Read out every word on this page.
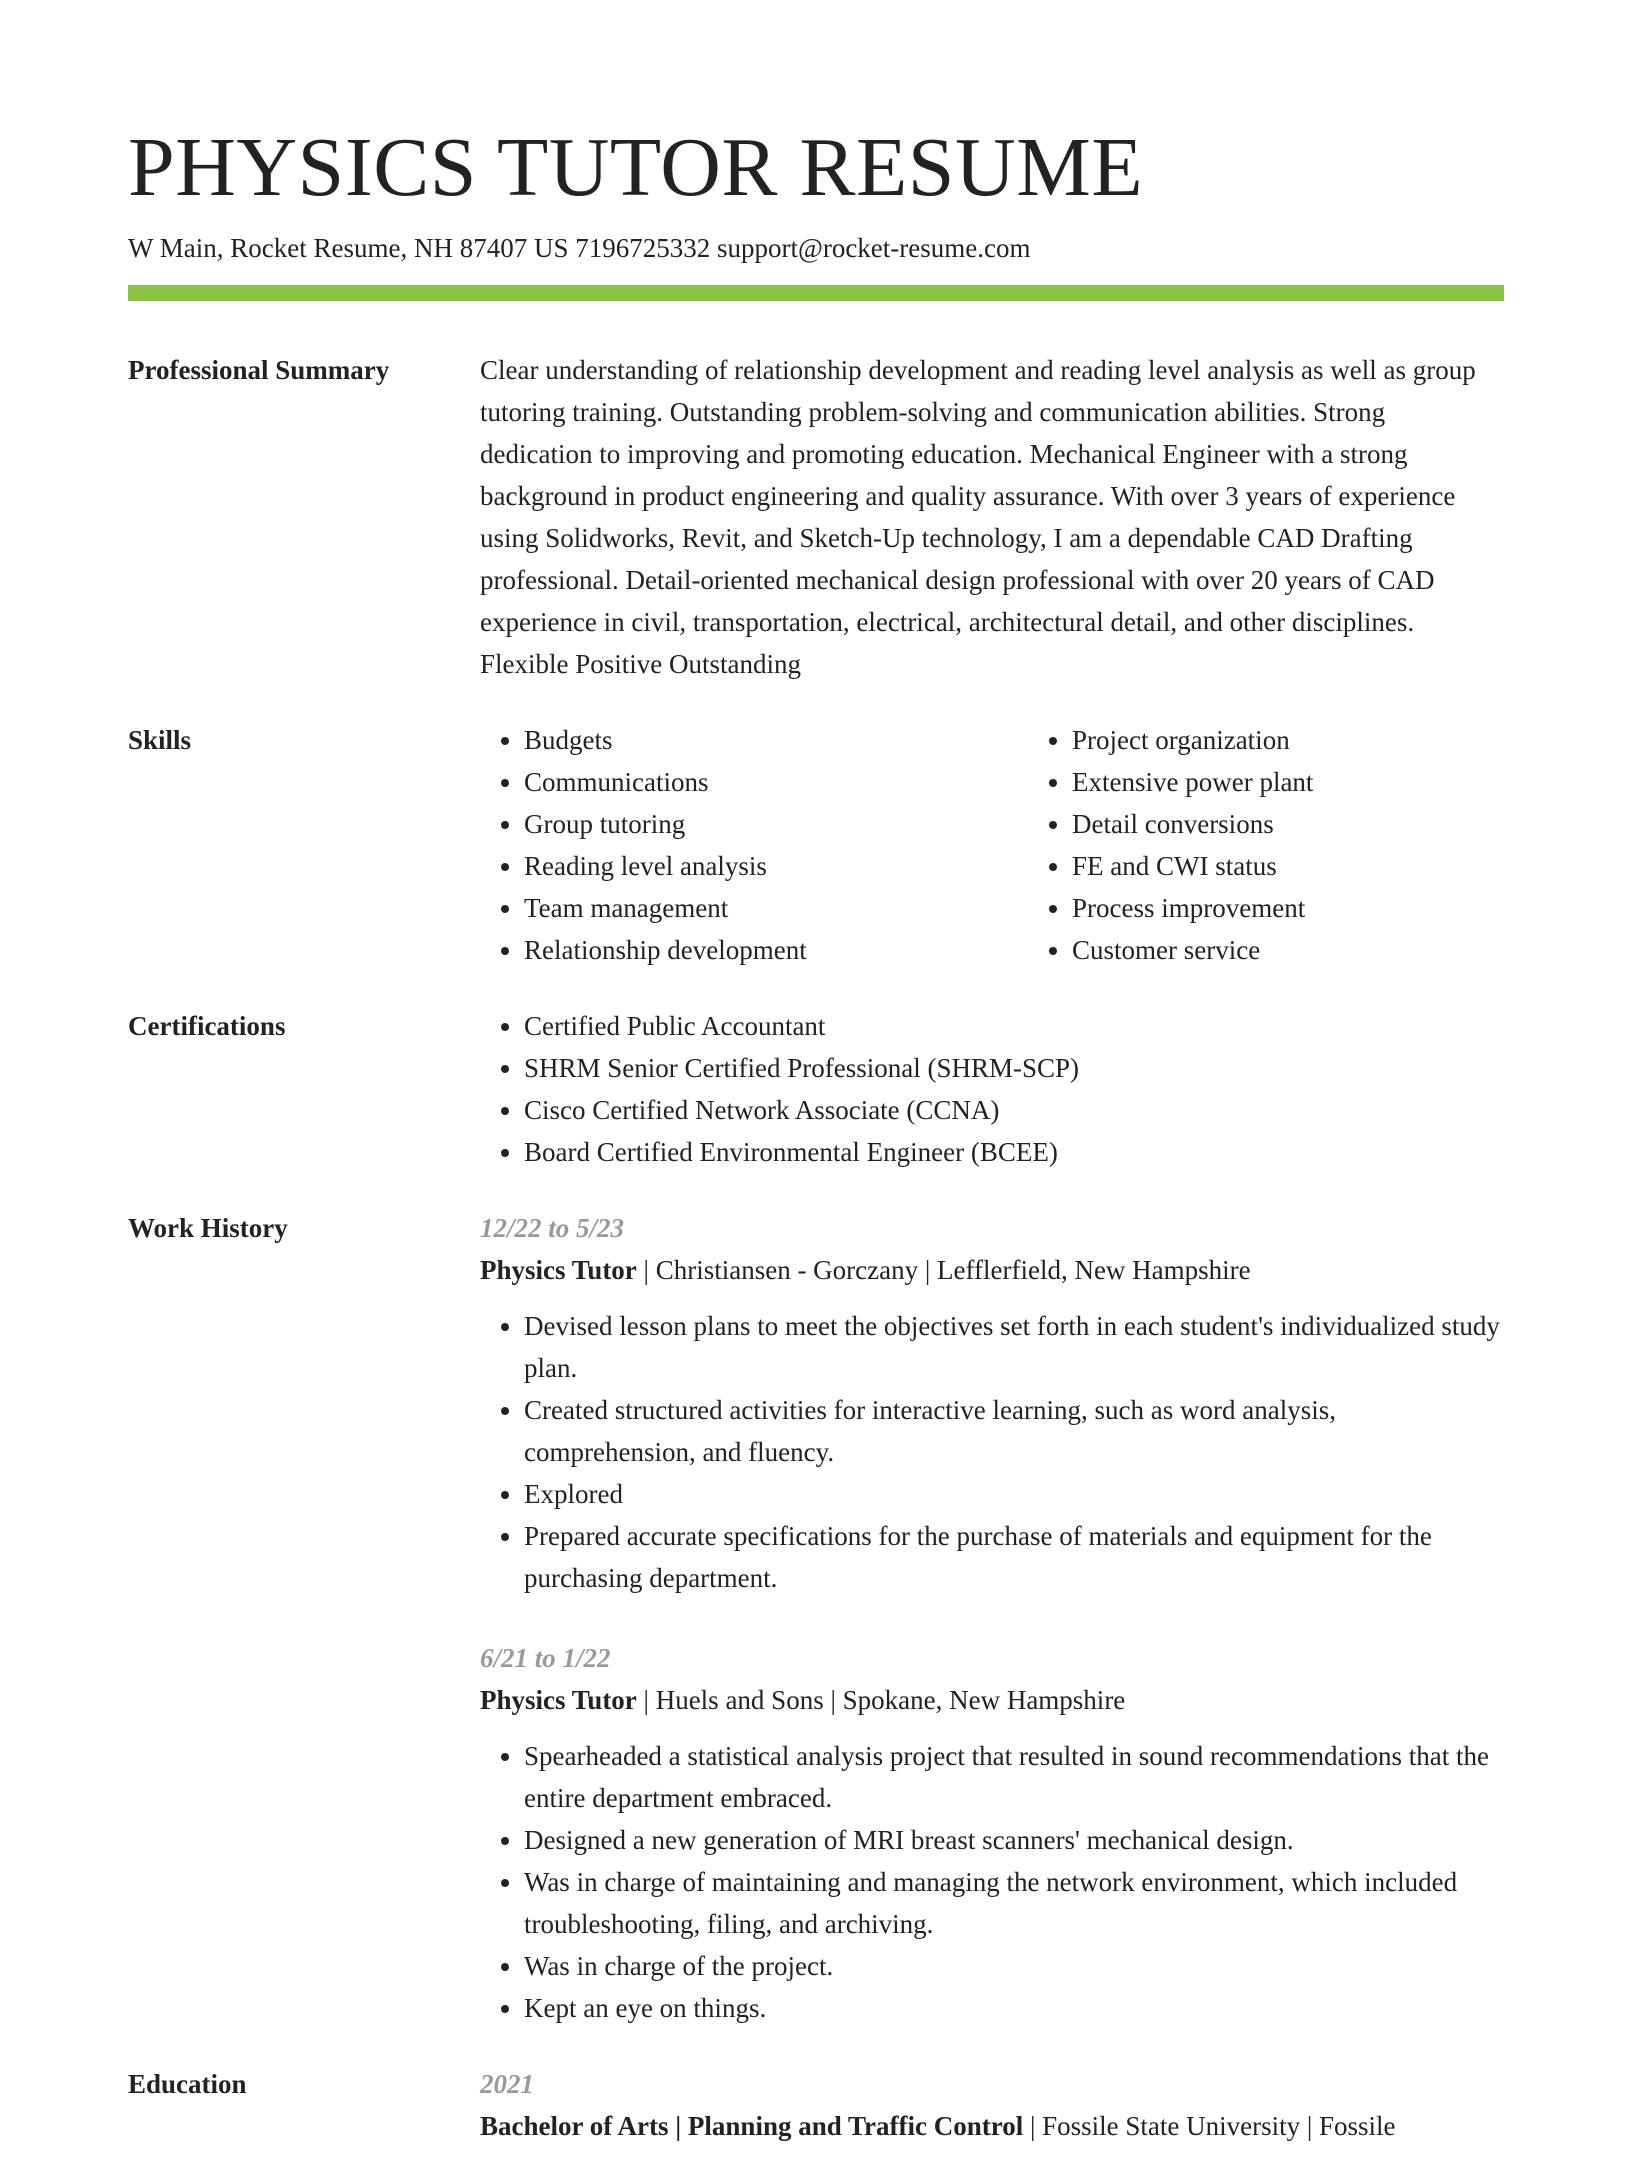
PHYSICS TUTOR RESUME
W Main, Rocket Resume, NH 87407 US 7196725332 support@rocket-resume.com
Professional Summary	Clear understanding of relationship development and reading level analysis as well as group tutoring training. Outstanding problem-solving and communication abilities. Strong dedication to improving and promoting education. Mechanical Engineer with a strong background in product engineering and quality assurance. With over 3 years of experience using Solidworks, Revit, and Sketch-Up technology, I am a dependable CAD Drafting professional. Detail-oriented mechanical design professional with over 20 years of CAD experience in civil, transportation, electrical, architectural detail, and other disciplines. Flexible Positive Outstanding

Skills	• Budgets
• Communications
• Group tutoring
• Reading level analysis
• Team management
• Relationship development
• Project organization
• Extensive power plant
• Detail conversions
• FE and CWI status
• Process improvement
• Customer service
Certifications	• Certified Public Accountant
• SHRM Senior Certified Professional (SHRM-SCP)
• Cisco Certified Network Associate (CCNA)
• Board Certified Environmental Engineer (BCEE)
Work History	12/22 to 5/23
Physics Tutor | Christiansen - Gorczany | Lefflerfield, New Hampshire
• Devised lesson plans to meet the objectives set forth in each student's individualized study plan.
• Created structured activities for interactive learning, such as word analysis, comprehension, and fluency.
• Explored
• Prepared accurate specifications for the purchase of materials and equipment for the purchasing department.
6/21 to 1/22
Physics Tutor | Huels and Sons | Spokane, New Hampshire
• Spearheaded a statistical analysis project that resulted in sound recommendations that the entire department embraced.
• Designed a new generation of MRI breast scanners' mechanical design.
• Was in charge of maintaining and managing the network environment, which included troubleshooting, filing, and archiving.
• Was in charge of the project.
• Kept an eye on things.
Education	2021
Bachelor of Arts | Planning and Traffic Control | Fossile State University | Fossile
